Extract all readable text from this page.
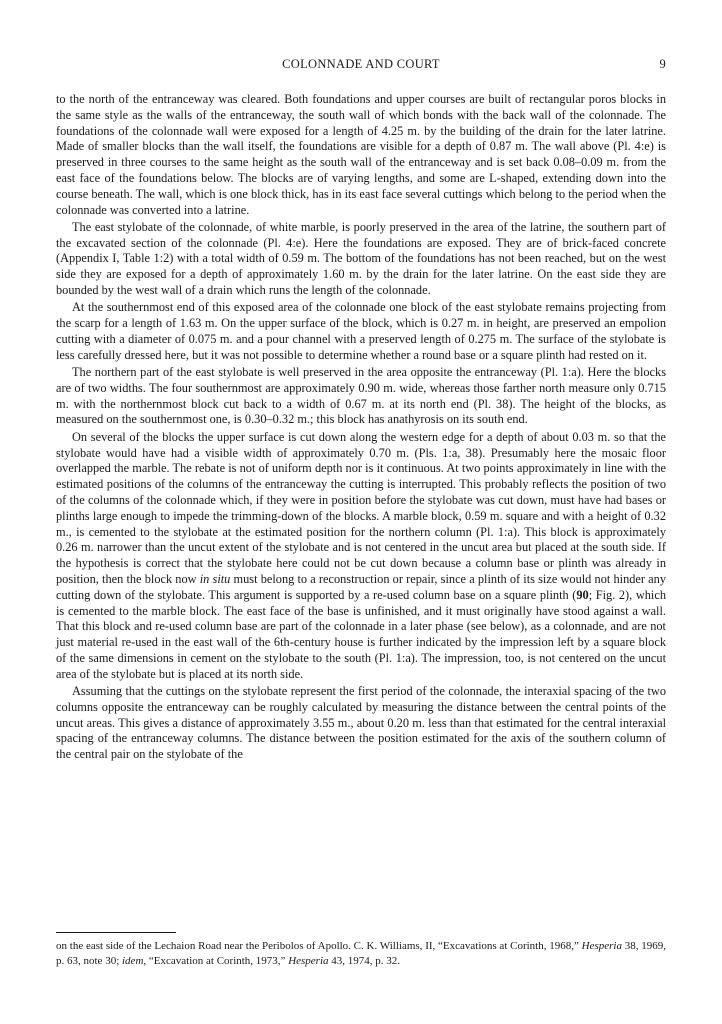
COLONNADE AND COURT	9

to the north of the entranceway was cleared. Both foundations and upper courses are built of rectangular poros blocks in the same style as the walls of the entranceway, the south wall of which bonds with the back wall of the colonnade. The foundations of the colonnade wall were exposed for a length of 4.25 m. by the building of the drain for the later latrine. Made of smaller blocks than the wall itself, the foundations are visible for a depth of 0.87 m. The wall above (Pl. 4:e) is preserved in three courses to the same height as the south wall of the entranceway and is set back 0.08–0.09 m. from the east face of the foundations below. The blocks are of varying lengths, and some are L-shaped, extending down into the course beneath. The wall, which is one block thick, has in its east face several cuttings which belong to the period when the colonnade was converted into a latrine.

The east stylobate of the colonnade, of white marble, is poorly preserved in the area of the latrine, the southern part of the excavated section of the colonnade (Pl. 4:e). Here the foundations are exposed. They are of brick-faced concrete (Appendix I, Table 1:2) with a total width of 0.59 m. The bottom of the foundations has not been reached, but on the west side they are exposed for a depth of approximately 1.60 m. by the drain for the later latrine. On the east side they are bounded by the west wall of a drain which runs the length of the colonnade.

At the southernmost end of this exposed area of the colonnade one block of the east stylobate remains projecting from the scarp for a length of 1.63 m. On the upper surface of the block, which is 0.27 m. in height, are preserved an empolion cutting with a diameter of 0.075 m. and a pour channel with a preserved length of 0.275 m. The surface of the stylobate is less carefully dressed here, but it was not possible to determine whether a round base or a square plinth had rested on it.

The northern part of the east stylobate is well preserved in the area opposite the entranceway (Pl. 1:a). Here the blocks are of two widths. The four southernmost are approximately 0.90 m. wide, whereas those farther north measure only 0.715 m. with the northernmost block cut back to a width of 0.67 m. at its north end (Pl. 38). The height of the blocks, as measured on the southernmost one, is 0.30–0.32 m.; this block has anathyrosis on its south end.

On several of the blocks the upper surface is cut down along the western edge for a depth of about 0.03 m. so that the stylobate would have had a visible width of approximately 0.70 m. (Pls. 1:a, 38). Presumably here the mosaic floor overlapped the marble. The rebate is not of uniform depth nor is it continuous. At two points approximately in line with the estimated positions of the columns of the entranceway the cutting is interrupted. This probably reflects the position of two of the columns of the colonnade which, if they were in position before the stylobate was cut down, must have had bases or plinths large enough to impede the trimming-down of the blocks. A marble block, 0.59 m. square and with a height of 0.32 m., is cemented to the stylobate at the estimated position for the northern column (Pl. 1:a). This block is approximately 0.26 m. narrower than the uncut extent of the stylobate and is not centered in the uncut area but placed at the south side. If the hypothesis is correct that the stylobate here could not be cut down because a column base or plinth was already in position, then the block now in situ must belong to a reconstruction or repair, since a plinth of its size would not hinder any cutting down of the stylobate. This argument is supported by a re-used column base on a square plinth (90; Fig. 2), which is cemented to the marble block. The east face of the base is unfinished, and it must originally have stood against a wall. That this block and re-used column base are part of the colonnade in a later phase (see below), as a colonnade, and are not just material re-used in the east wall of the 6th-century house is further indicated by the impression left by a square block of the same dimensions in cement on the stylobate to the south (Pl. 1:a). The impression, too, is not centered on the uncut area of the stylobate but is placed at its north side.

Assuming that the cuttings on the stylobate represent the first period of the colonnade, the interaxial spacing of the two columns opposite the entranceway can be roughly calculated by measuring the distance between the central points of the uncut areas. This gives a distance of approximately 3.55 m., about 0.20 m. less than that estimated for the central interaxial spacing of the entranceway columns. The distance between the position estimated for the axis of the southern column of the central pair on the stylobate of the

on the east side of the Lechaion Road near the Peribolos of Apollo. C. K. Williams, II, “Excavations at Corinth, 1968,” Hesperia 38, 1969, p. 63, note 30; idem, “Excavation at Corinth, 1973,” Hesperia 43, 1974, p. 32.
